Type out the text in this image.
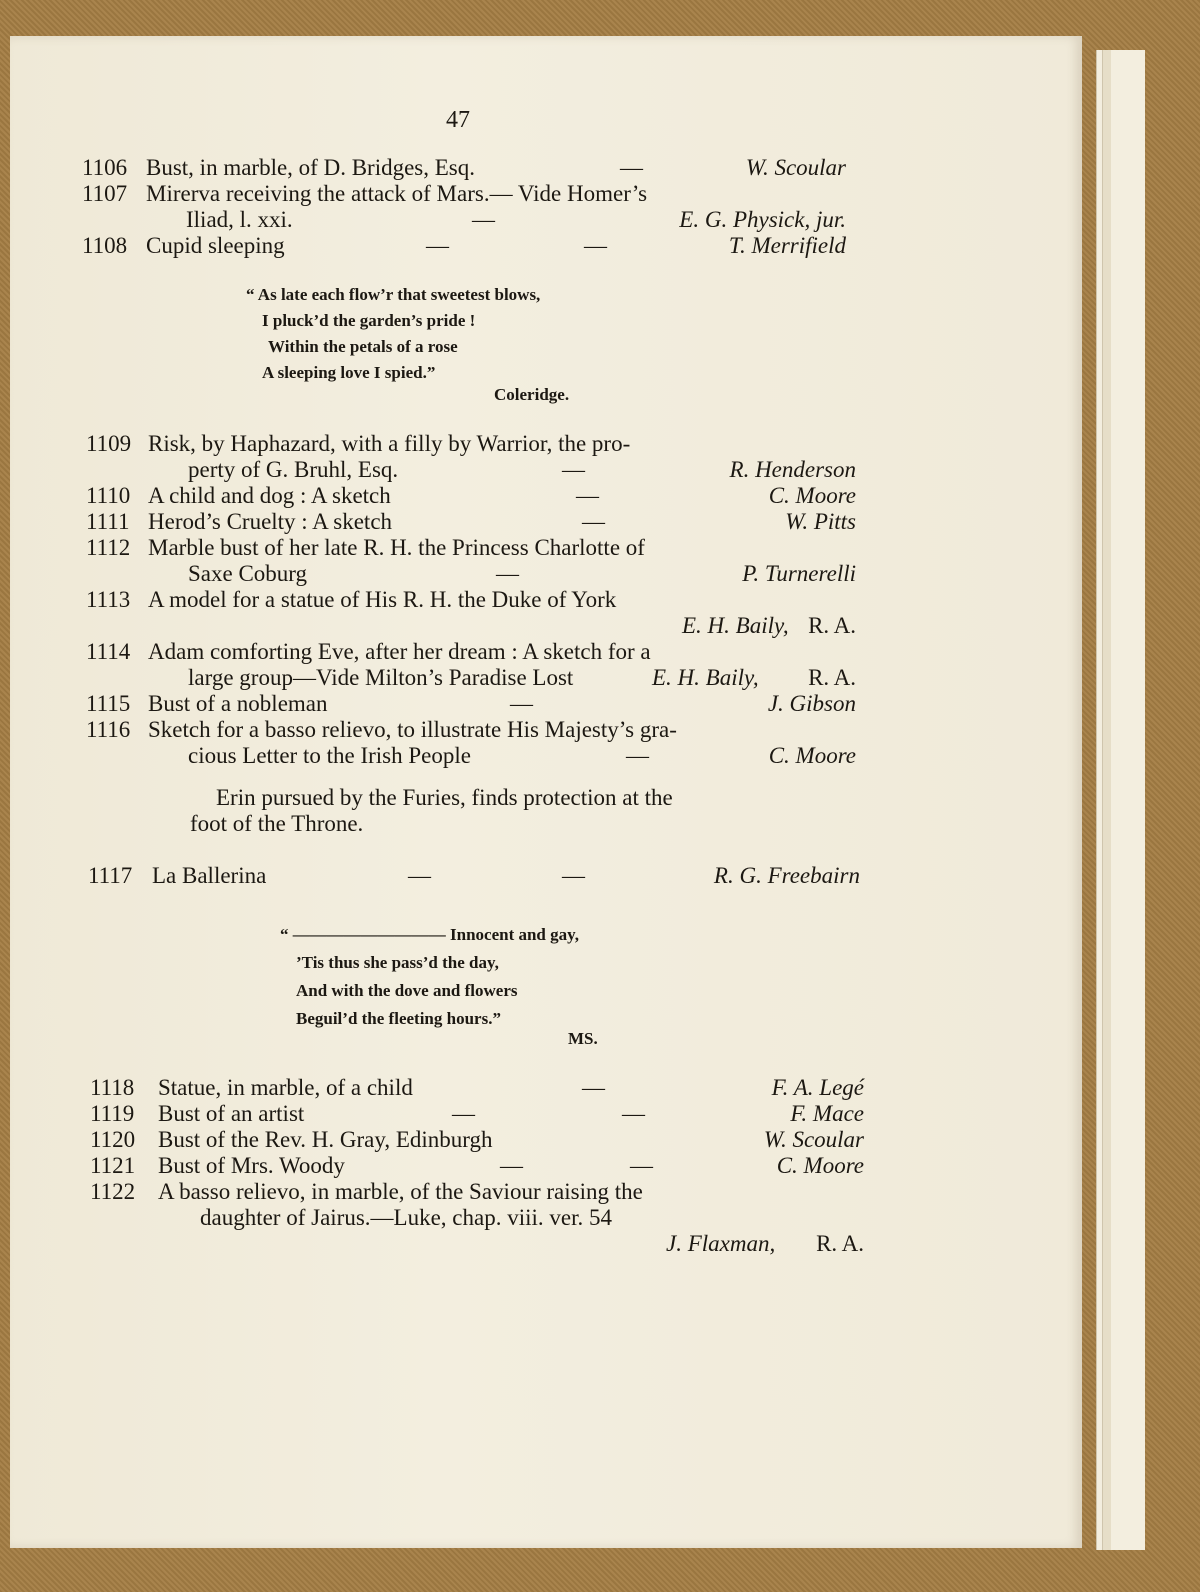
47
1106 Bust, in marble, of D. Bridges, Esq.	—	W. Scoular
1107 Mirerva receiving the attack of Mars.— Vide Homer’s
Iliad, l. xxi.	—	E. G. Physick, jur.
1108 Cupid sleeping	—	—	T. Merrifield
“ As late each flow’r that sweetest blows,
I pluck’d the garden’s pride !
Within the petals of a rose
A sleeping love I spied.”
Coleridge.
1109 Risk, by Haphazard, with a filly by Warrior, the pro-
perty of G. Bruhl, Esq.	—	R. Henderson
1110 A child and dog : A sketch	—	C. Moore
1111 Herod’s Cruelty : A sketch	—	W. Pitts
1112 Marble bust of her late R. H. the Princess Charlotte of
Saxe Coburg	—	P. Turnerelli
1113 A model for a statue of His R. H. the Duke of York
E. H. Baily, R. A.
1114 Adam comforting Eve, after her dream : A sketch for a
large group—Vide Milton’s Paradise Lost	E. H. Baily, R. A.
1115 Bust of a nobleman	—	J. Gibson
1116 Sketch for a basso relievo, to illustrate His Majesty’s gra-
cious Letter to the Irish People	—	C. Moore
Erin pursued by the Furies, finds protection at the
foot of the Throne.
1117 La Ballerina	—	—	R. G. Freebairn
“ ————————— Innocent and gay,
’Tis thus she pass’d the day,
And with the dove and flowers
Beguil’d the fleeting hours.”
MS.
1118 Statue, in marble, of a child	—	F. A. Legé
1119 Bust of an artist	—	—	F. Mace
1120 Bust of the Rev. H. Gray, Edinburgh	W. Scoular
1121 Bust of Mrs. Woody	—	—	C. Moore
1122 A basso relievo, in marble, of the Saviour raising the
daughter of Jairus.—Luke, chap. viii. ver. 54
J. Flaxman, R. A.
